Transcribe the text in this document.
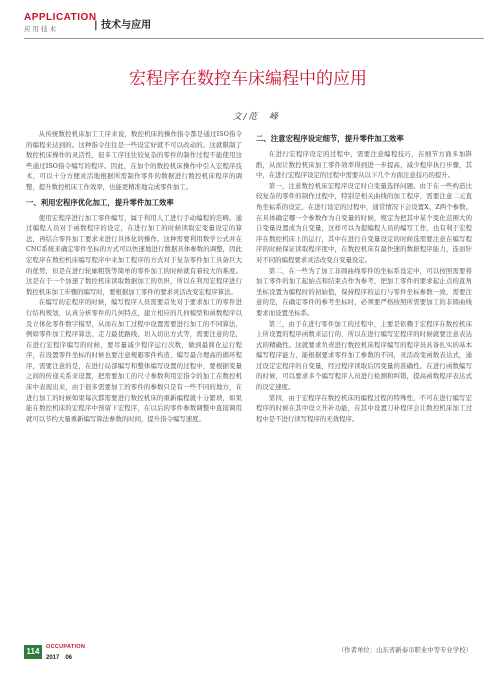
APPLICATION
应用技术	| 技术与应用
宏程序在数控车床编程中的应用
文/范　峰

从传统数控机床加工工序来说，数控机床的操作指令都是通过ISO指令的编程来达到的。这种指令往往是一些设定好就不可以改动的。这就限制了数控机床操作的灵活性，很多工序往往较复杂的零件的制作过程不能使用这些通过ISO指令编写的程序。因此，在加个的数控机床操作中引入宏程序技术，可以十分方便灵活地根据所需制作零件的数据进行数控机床程序的调整，提升数控机床工作效率，也能更精准地完成零件加工。

一、利用宏程序优化加工，提升零件加工效率

使用宏程序进行加工零件编写，属于利用人工进行手动编程的范畴。通过编程人员对于函数程序的设定，在进行加工的时候读取宏变量设定的算法，再结合零件加工要求来进行具体化的操作。这种需要利用数学公式并在CNC系统来确定零件坐标的方式可以快速地进行数据具体参数的调整，因此宏程序在数控机床编写程序中来加工程序的方式对于复杂零件加工具备巨大的优势，但是在进行轮廓粗铣等简单的零件加工的时候就有着较大的难度。这是在于一个加速了数控机床读取数据加工的负担，所以在利用宏程序进行数控机床加工步骤的编写时，要根据加工零件的要求灵活改变宏程序算法。

在编写的宏程序的时候，编写程序人员需要首先对于要求加工的零件进行结构规划，认真分析零件的几何特点，建立相应的几何模型和函数程序以及立体化零件数字模型，从而在加工过程中设置需要进行加工的不同算法，例如零件加工程序算法、走刀最优路线、切入切出方式等，需要注意的是，在进行宏程序编写的时候，要尽量减少程序运行次数，做到最简化运行程序，在设置零件坐标的时候也要注意规避零件构造，编写最合理高的循环程序，需要注意的是，在进行局部编写和整体编写设置的过程中，要根据变量之间的传递关系来设置，把需要加工的尺寸参数利用宏指令的加工在数控机床中表现出来，由于很多需要加工的零件的参数只是有一些不同的地方，在进行加工的时候如果每次都需要进行数控机床的重新编程就十分繁琐，如果能在数控机床的宏程序中预留下宏程序，在以后的零件参数调整中直接调用就可以节约大量重新编写算法参数的时间，提升指令编写速度。

二、注意宏程序设定细节，提升零件加工效率

在进行宏程序设定的过程中，需要注意编程技巧，在细节方面多加斟酌，从而让数控机床加工零件效率得到进一步提高，减少程序执行步骤，其中，在进行宏程序设定的过程中需要从以下几个方面注意技巧的提升。

第一，注意数控机床宏程序设定时自变量选择问题。由于在一些构造比较复杂的零件的制作过程中，特别是相关曲线的加工程序，需要注意二元直角坐标系的设定，在进行设定的过程中，通常情况下会设置X、Z两个参数。在具体确定哪一个参数作为自变量的时候，规定为把其中某个变化范围大的自变量设置成为自变量，这样可以为提编程人员的编写工作，也有利于宏程序在数控机床上的运行，其中在进行自变量设定的时候选需要注意在编写程序的时候保证读取程序度中，在数控机床有最快速的数据程序能力，连而针对不同的编程要求灵活改变自变量设定。

第二，在一些为了加工非圆曲线零件的坐标系设定中，可以按照需要将加工零件的加工起始点和结束点作为参考，把加工零件的要求起止点的直角坐标设置为编程时的初始值，保持程序的运行与零件坐标参数一致，需要注意的是，在确定零件的参考坐标时，必须要严格按照所需要加工的非圆曲线要求而设置坐标系。

第三，由于在进行零件加工的过程中，主要是依赖于宏程序在数控机床上所设置的程序函数来运行的，所以在进行编写宏程序的时候就要注意表达式的精确性。这就要求负责进行数控机床程序编写的程序员具备扎实的基本编写程序能力，能根据要求零件加工参数的不同，灵活改变函数表达式，通过设定宏程序的自变量，经过程序读取后因变量的准确性。在进行函数编写的时候，可以要求多个编写程序人员进行检测和纠错，提高函数程序表达式的设定速度。

第四，由于宏程序在数控机床的编程过程的特殊性，不可在进行编写宏程序的时候在其中设立开补功能，在其中设置刀补程序会让数控机床加工过程中是不进行读写程序的无效程序。

（作者单位：山东省新泰市职业中等专业学校）
114	OCCUPATION
2017　06
